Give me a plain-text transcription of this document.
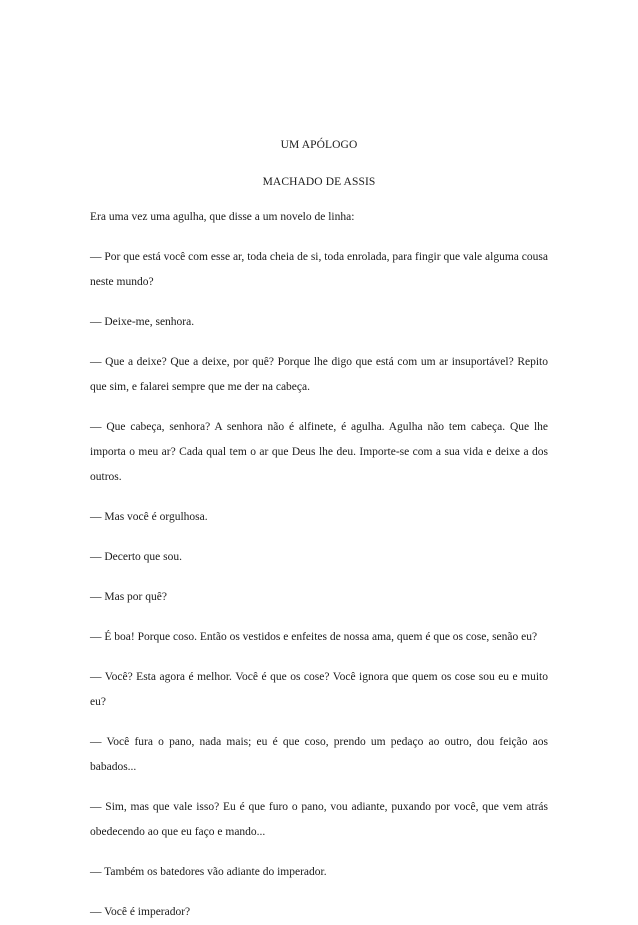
UM APÓLOGO
MACHADO DE ASSIS

Era uma vez uma agulha, que disse a um novelo de linha:

— Por que está você com esse ar, toda cheia de si, toda enrolada, para fingir que vale alguma cousa neste mundo?

— Deixe-me, senhora.

— Que a deixe? Que a deixe, por quê? Porque lhe digo que está com um ar insuportável? Repito que sim, e falarei sempre que me der na cabeça.

— Que cabeça, senhora? A senhora não é alfinete, é agulha. Agulha não tem cabeça. Que lhe importa o meu ar? Cada qual tem o ar que Deus lhe deu. Importe-se com a sua vida e deixe a dos outros.

— Mas você é orgulhosa.

— Decerto que sou.

— Mas por quê?

— É boa! Porque coso. Então os vestidos e enfeites de nossa ama, quem é que os cose, senão eu?

— Você? Esta agora é melhor. Você é que os cose? Você ignora que quem os cose sou eu e muito eu?

— Você fura o pano, nada mais; eu é que coso, prendo um pedaço ao outro, dou feição aos babados...

— Sim, mas que vale isso? Eu é que furo o pano, vou adiante, puxando por você, que vem atrás obedecendo ao que eu faço e mando...

— Também os batedores vão adiante do imperador.

— Você é imperador?
